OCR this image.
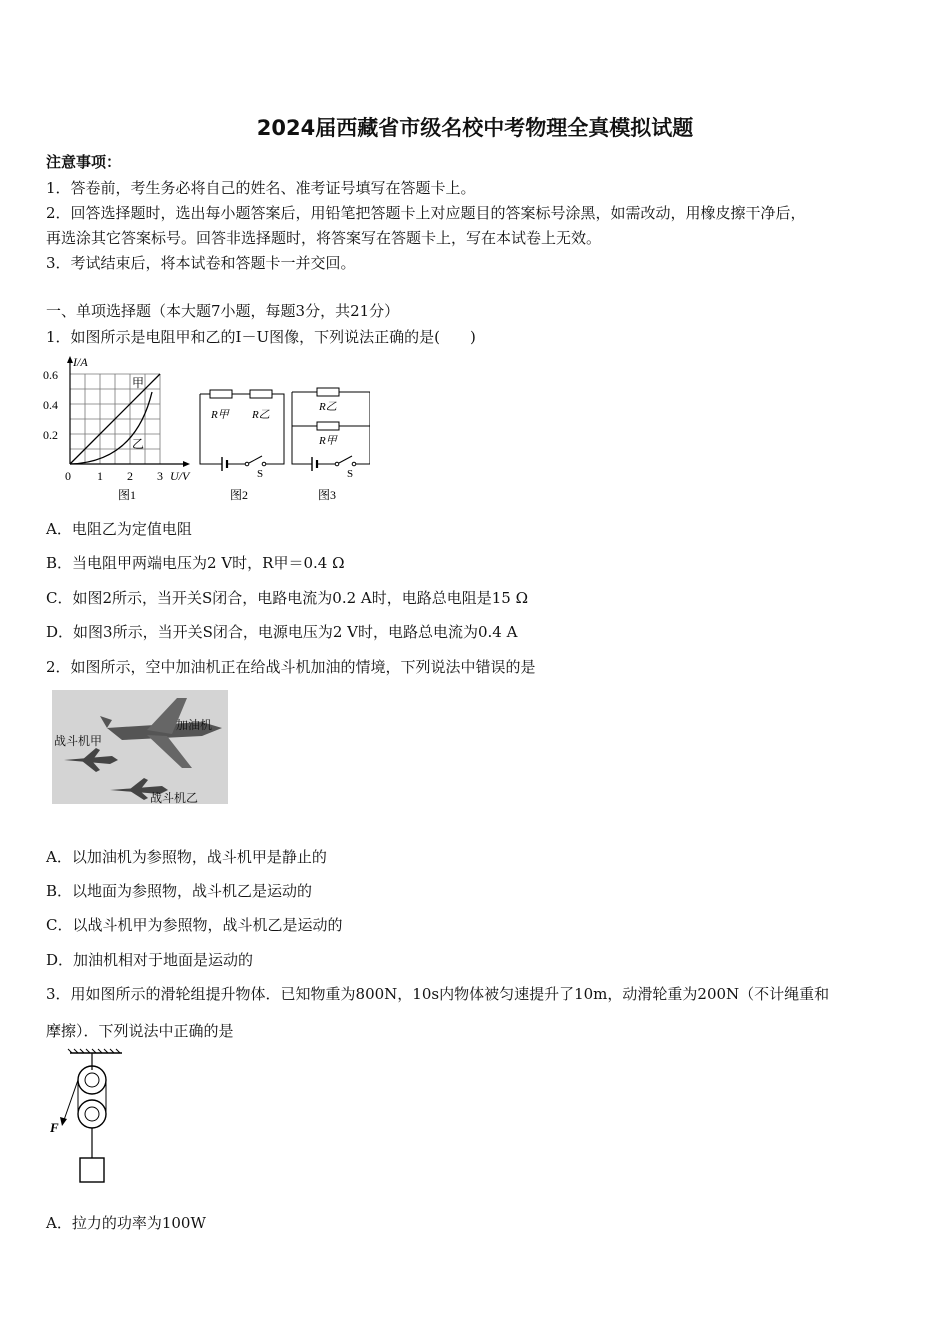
2024届西藏省市级名校中考物理全真模拟试题
注意事项：
1．答卷前，考生务必将自己的姓名、准考证号填写在答题卡上。
2．回答选择题时，选出每小题答案后，用铅笔把答题卡上对应题目的答案标号涂黑，如需改动，用橡皮擦干净后，
再选涂其它答案标号。回答非选择题时，将答案写在答题卡上，写在本试卷上无效。
3．考试结束后，将本试卷和答题卡一并交回。
一、单项选择题（本大题7小题，每题3分，共21分）
1．如图所示是电阻甲和乙的I－U图像，下列说法正确的是(　　)
I/A
0.6
0.4
0.2
0 1 2 3 U/V
甲
乙
图1
R甲 R乙
S
图2
R乙
R甲
S
图3
A．电阻乙为定值电阻
B．当电阻甲两端电压为2 V时，R甲＝0.4 Ω
C．如图2所示，当开关S闭合，电路电流为0.2 A时，电路总电阻是15 Ω
D．如图3所示，当开关S闭合，电源电压为2 V时，电路总电流为0.4 A
2．如图所示，空中加油机正在给战斗机加油的情境，下列说法中错误的是
加油机
战斗机甲
战斗机乙
A．以加油机为参照物，战斗机甲是静止的
B．以地面为参照物，战斗机乙是运动的
C．以战斗机甲为参照物，战斗机乙是运动的
D．加油机相对于地面是运动的
3．用如图所示的滑轮组提升物体．已知物重为800N，10s内物体被匀速提升了10m，动滑轮重为200N（不计绳重和
摩擦）．下列说法中正确的是
F
A．拉力的功率为100W
